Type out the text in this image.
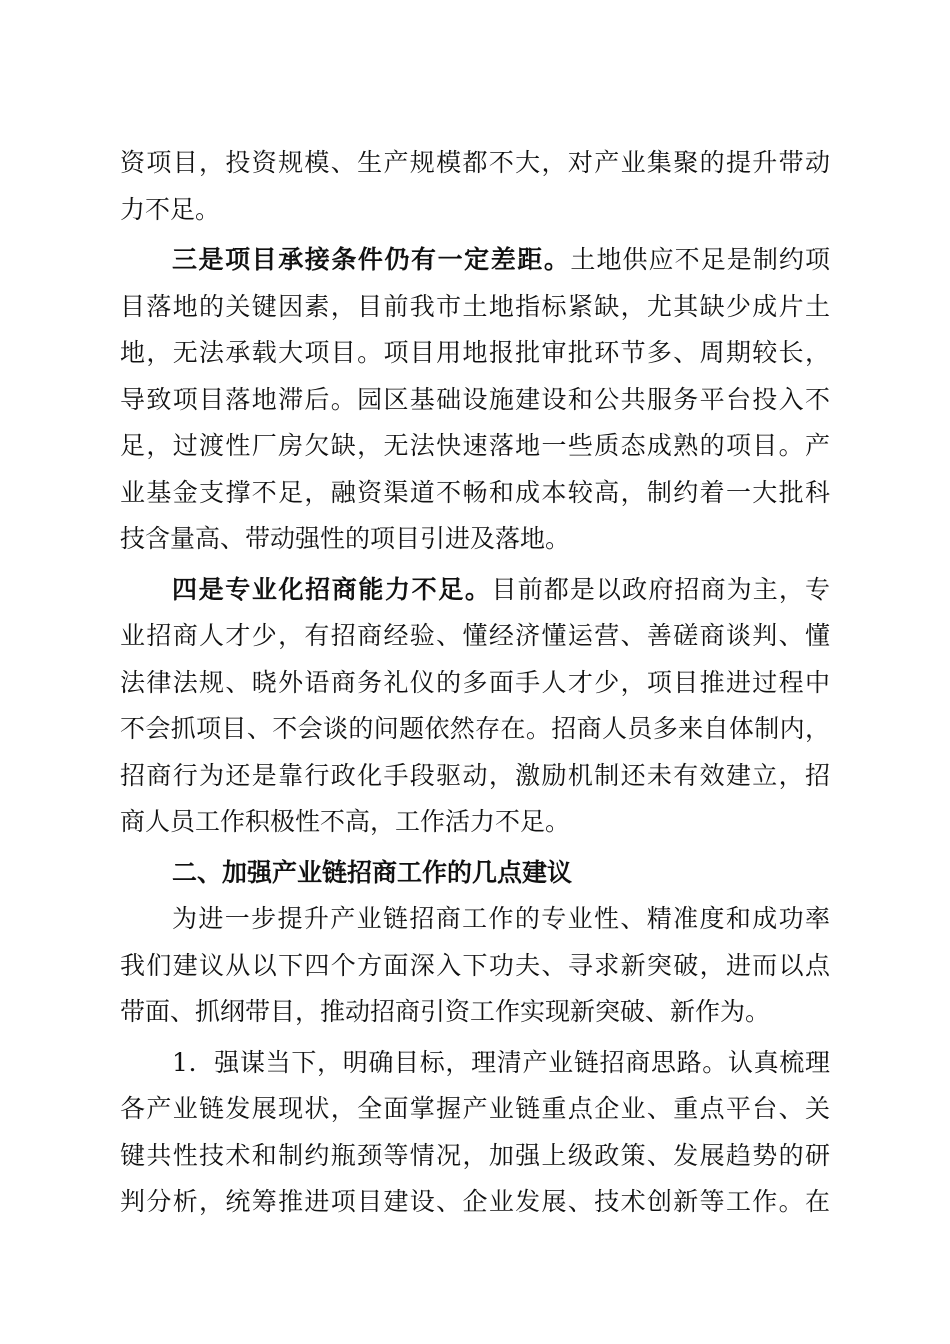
资项目，投资规模、生产规模都不大，对产业集聚的提升带动
力不足。
三是项目承接条件仍有一定差距。土地供应不足是制约项
目落地的关键因素，目前我市土地指标紧缺，尤其缺少成片土
地，无法承载大项目。项目用地报批审批环节多、周期较长，
导致项目落地滞后。园区基础设施建设和公共服务平台投入不
足，过渡性厂房欠缺，无法快速落地一些质态成熟的项目。产
业基金支撑不足，融资渠道不畅和成本较高，制约着一大批科
技含量高、带动强性的项目引进及落地。
四是专业化招商能力不足。目前都是以政府招商为主，专
业招商人才少，有招商经验、懂经济懂运营、善磋商谈判、懂
法律法规、晓外语商务礼仪的多面手人才少，项目推进过程中
不会抓项目、不会谈的问题依然存在。招商人员多来自体制内，
招商行为还是靠行政化手段驱动，激励机制还未有效建立，招
商人员工作积极性不高，工作活力不足。
二、加强产业链招商工作的几点建议
为进一步提升产业链招商工作的专业性、精准度和成功率
我们建议从以下四个方面深入下功夫、寻求新突破，进而以点
带面、抓纲带目，推动招商引资工作实现新突破、新作为。
1．强谋当下，明确目标，理清产业链招商思路。认真梳理
各产业链发展现状，全面掌握产业链重点企业、重点平台、关
键共性技术和制约瓶颈等情况，加强上级政策、发展趋势的研
判分析，统筹推进项目建设、企业发展、技术创新等工作。在
